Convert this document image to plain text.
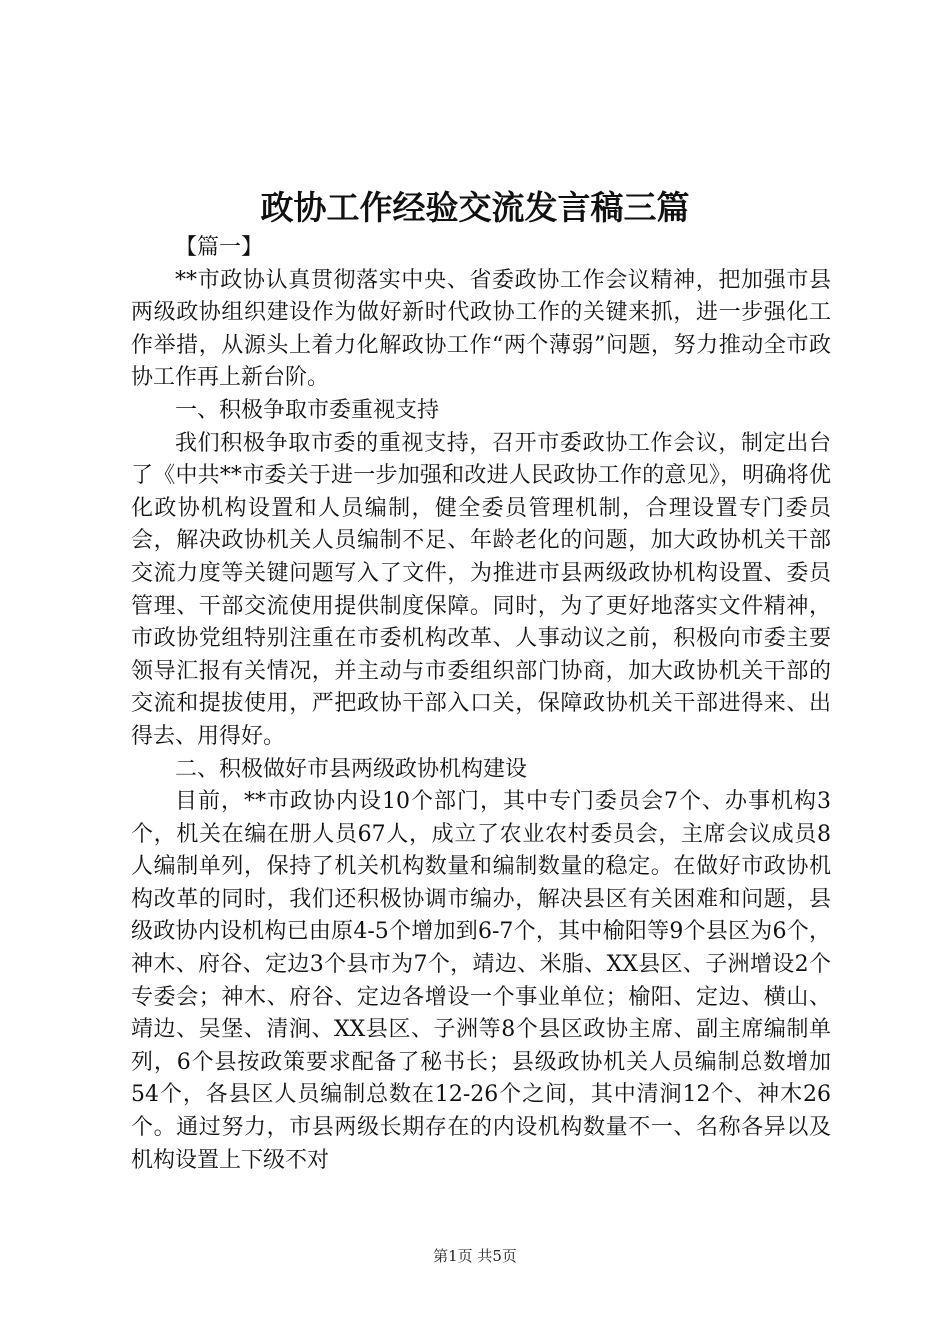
政协工作经验交流发言稿三篇

【篇一】

**市政协认真贯彻落实中央、省委政协工作会议精神，把加强市县两级政协组织建设作为做好新时代政协工作的关键来抓，进一步强化工作举措，从源头上着力化解政协工作“两个薄弱”问题，努力推动全市政协工作再上新台阶。

一、积极争取市委重视支持

我们积极争取市委的重视支持，召开市委政协工作会议，制定出台了《中共**市委关于进一步加强和改进人民政协工作的意见》，明确将优化政协机构设置和人员编制，健全委员管理机制，合理设置专门委员会，解决政协机关人员编制不足、年龄老化的问题，加大政协机关干部交流力度等关键问题写入了文件，为推进市县两级政协机构设置、委员管理、干部交流使用提供制度保障。同时，为了更好地落实文件精神，市政协党组特别注重在市委机构改革、人事动议之前，积极向市委主要领导汇报有关情况，并主动与市委组织部门协商，加大政协机关干部的交流和提拔使用，严把政协干部入口关，保障政协机关干部进得来、出得去、用得好。

二、积极做好市县两级政协机构建设

目前，**市政协内设10个部门，其中专门委员会7个、办事机构3个，机关在编在册人员67人，成立了农业农村委员会，主席会议成员8人编制单列，保持了机关机构数量和编制数量的稳定。在做好市政协机构改革的同时，我们还积极协调市编办，解决县区有关困难和问题，县级政协内设机构已由原4-5个增加到6-7个，其中榆阳等9个县区为6个，神木、府谷、定边3个县市为7个，靖边、米脂、XX县区、子洲增设2个专委会；神木、府谷、定边各增设一个事业单位；榆阳、定边、横山、靖边、吴堡、清涧、XX县区、子洲等8个县区政协主席、副主席编制单列，6个县按政策要求配备了秘书长；县级政协机关人员编制总数增加54个，各县区人员编制总数在12-26个之间，其中清涧12个、神木26个。通过努力，市县两级长期存在的内设机构数量不一、名称各异以及机构设置上下级不对

第1页 共5页
